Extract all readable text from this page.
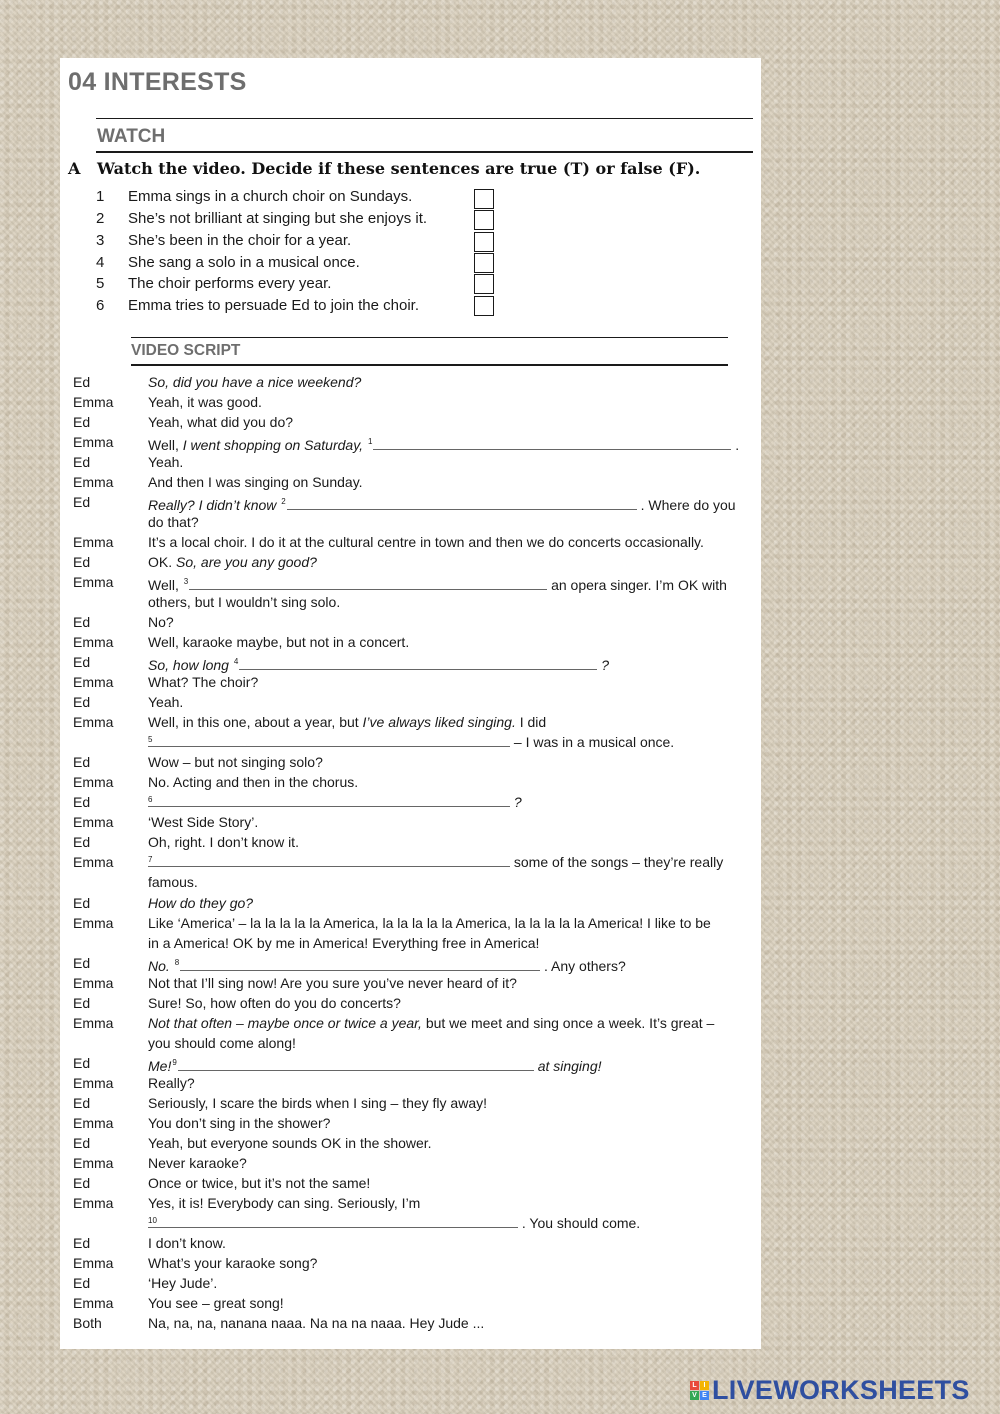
04 INTERESTS
WATCH
A Watch the video. Decide if these sentences are true (T) or false (F).
1 Emma sings in a church choir on Sundays.
2 She’s not brilliant at singing but she enjoys it.
3 She’s been in the choir for a year.
4 She sang a solo in a musical once.
5 The choir performs every year.
6 Emma tries to persuade Ed to join the choir.
VIDEO SCRIPT
Ed	So, did you have a nice weekend?
Emma Yeah, it was good.
Ed	Yeah, what did you do?
Emma Well, I went shopping on Saturday, $^1$	.
Ed	Yeah.
Emma And then I was singing on Sunday.
Ed	Really? I didn’t know $^2$	. Where do you
do that?
Emma It’s a local choir. I do it at the cultural centre in town and then we do concerts occasionally.
Ed	OK. So, are you any good?
Emma Well, $^3$	an opera singer. I’m OK with
others, but I wouldn’t sing solo.
Ed	No?
Emma Well, karaoke maybe, but not in a concert.
Ed	So, how long $^4$	?
Emma What? The choir?
Ed	Yeah.
Emma Well, in this one, about a year, but I’ve always liked singing. I did
5	– I was in a musical once.
Ed	Wow – but not singing solo?
Emma No. Acting and then in the chorus.
Ed	6	?
Emma ‘West Side Story’.
Ed	Oh, right. I don’t know it.
Emma	7	some of the songs – they’re really
famous.
Ed	How do they go?
Emma Like ‘America’ – la la la la la America, la la la la la America, la la la la la America! I like to be
in a America! OK by me in America! Everything free in America!
Ed	No. $^8$	. Any others?
Emma Not that I’ll sing now! Are you sure you’ve never heard of it?
Ed	Sure! So, how often do you do concerts?
Emma Not that often – maybe once or twice a year, but we meet and sing once a week. It’s great –
you should come along!
Ed	Me!$^9$	at singing!
Emma Really?
Ed	Seriously, I scare the birds when I sing – they fly away!
Emma You don’t sing in the shower?
Ed	Yeah, but everyone sounds OK in the shower.
Emma Never karaoke?
Ed	Once or twice, but it’s not the same!
Emma Yes, it is! Everybody can sing. Seriously, I’m
10	. You should come.
Ed	I don’t know.
Emma What’s your karaoke song?
Ed	‘Hey Jude’.
Emma You see – great song!
Both	Na, na, na, nanana naaa. Na na na naaa. Hey Jude ...
L I
V E LIVEWORKSHEETS
